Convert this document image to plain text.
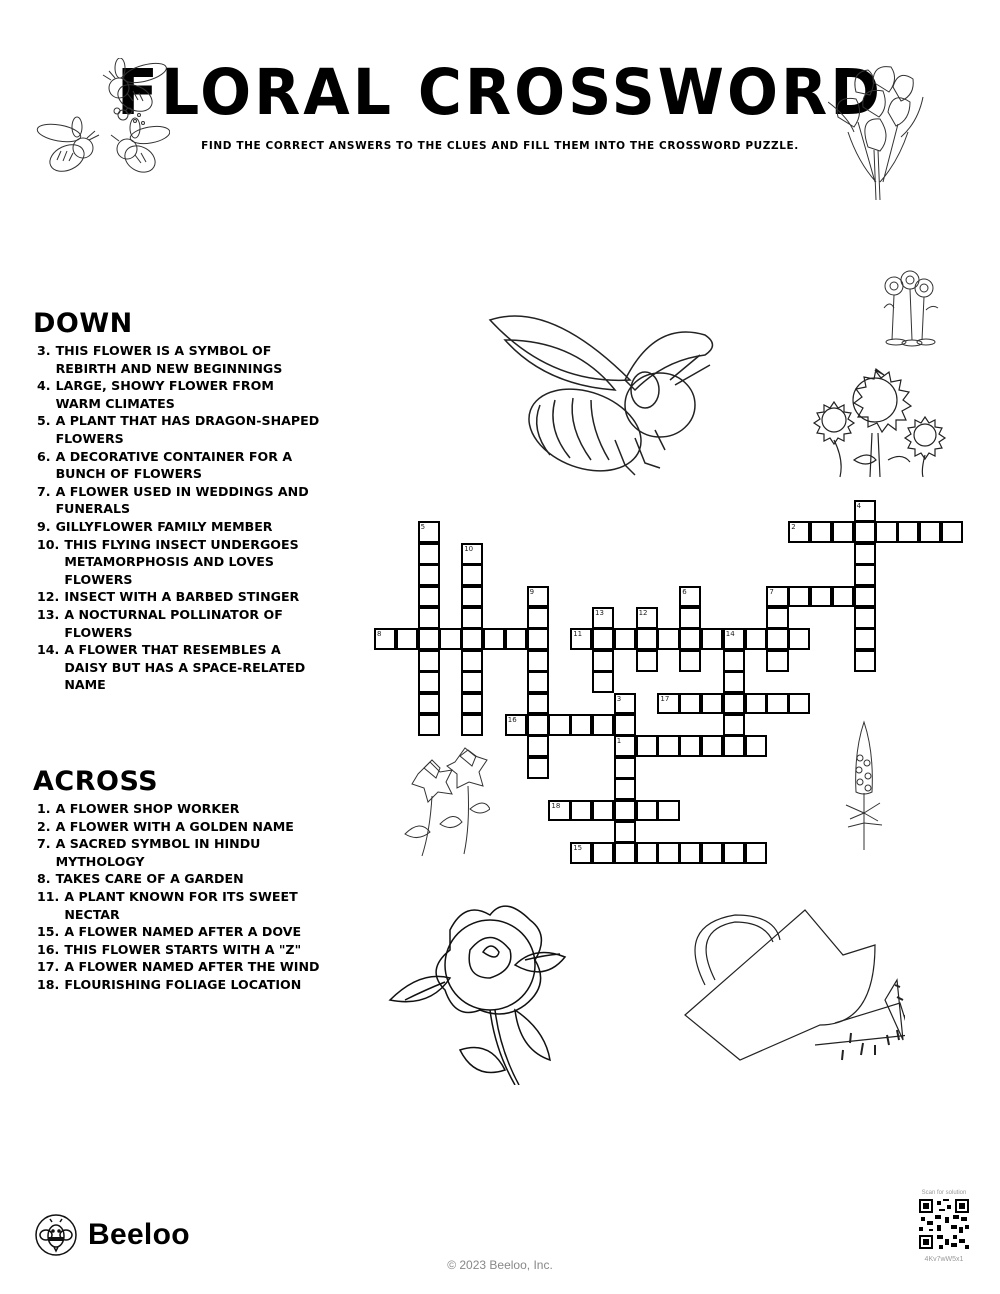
FLORAL CROSSWORD
FIND THE CORRECT ANSWERS TO THE CLUES AND FILL THEM INTO THE CROSSWORD PUZZLE.
DOWN
3. THIS FLOWER IS A SYMBOL OF REBIRTH AND NEW BEGINNINGS
4. LARGE, SHOWY FLOWER FROM WARM CLIMATES
5. A PLANT THAT HAS DRAGON-SHAPED FLOWERS
6. A DECORATIVE CONTAINER FOR A BUNCH OF FLOWERS
7. A FLOWER USED IN WEDDINGS AND FUNERALS
9. GILLYFLOWER FAMILY MEMBER
10. THIS FLYING INSECT UNDERGOES METAMORPHOSIS AND LOVES FLOWERS
12. INSECT WITH A BARBED STINGER
13. A NOCTURNAL POLLINATOR OF FLOWERS
14. A FLOWER THAT RESEMBLES A DAISY BUT HAS A SPACE-RELATED NAME
ACROSS
1. A FLOWER SHOP WORKER
2. A FLOWER WITH A GOLDEN NAME
7. A SACRED SYMBOL IN HINDU MYTHOLOGY
8. TAKES CARE OF A GARDEN
11. A PLANT KNOWN FOR ITS SWEET NECTAR
15. A FLOWER NAMED AFTER A DOVE
16. THIS FLOWER STARTS WITH A "Z"
17. A FLOWER NAMED AFTER THE WIND
18. FLOURISHING FOLIAGE LOCATION
1
2
7
8	11	14
15
16
17
18
3
4
5
6
9
10
12
13
Beeloo
© 2023 Beeloo, Inc.
Scan for solution
4Kv7wW5x1
